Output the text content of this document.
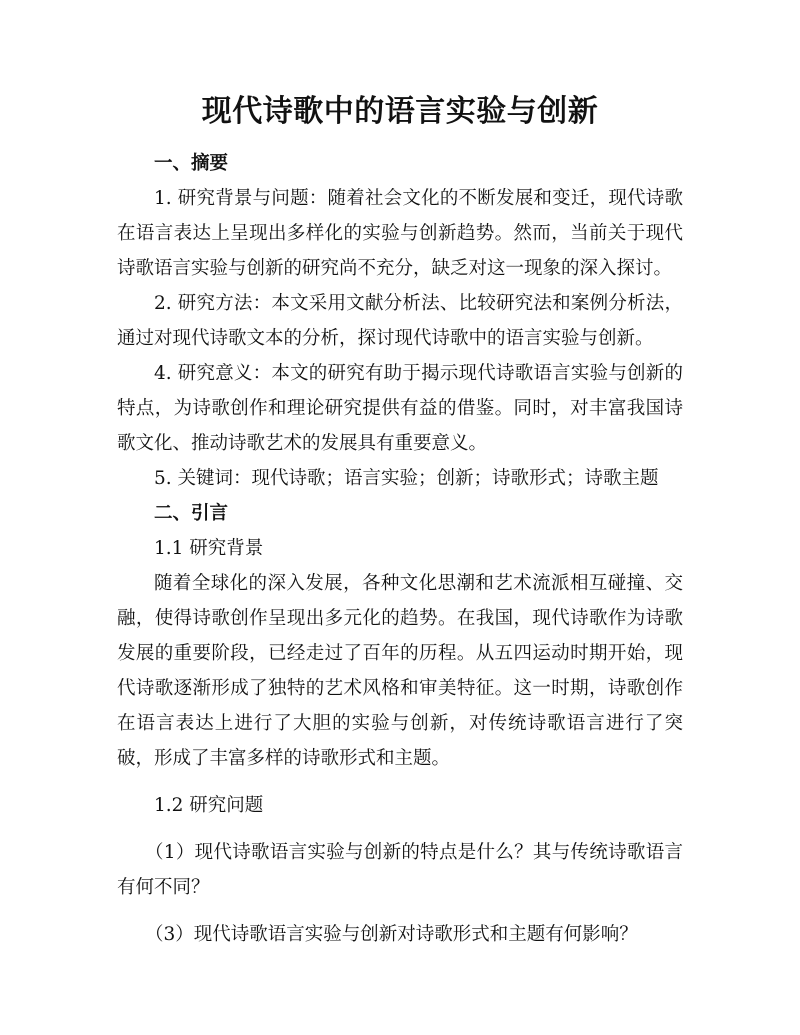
现代诗歌中的语言实验与创新

一、摘要

1. 研究背景与问题：随着社会文化的不断发展和变迁，现代诗歌在语言表达上呈现出多样化的实验与创新趋势。然而，当前关于现代诗歌语言实验与创新的研究尚不充分，缺乏对这一现象的深入探讨。

2. 研究方法：本文采用文献分析法、比较研究法和案例分析法，通过对现代诗歌文本的分析，探讨现代诗歌中的语言实验与创新。

4. 研究意义：本文的研究有助于揭示现代诗歌语言实验与创新的特点，为诗歌创作和理论研究提供有益的借鉴。同时，对丰富我国诗歌文化、推动诗歌艺术的发展具有重要意义。

5. 关键词：现代诗歌；语言实验；创新；诗歌形式；诗歌主题

二、引言

1.1 研究背景

随着全球化的深入发展，各种文化思潮和艺术流派相互碰撞、交融，使得诗歌创作呈现出多元化的趋势。在我国，现代诗歌作为诗歌发展的重要阶段，已经走过了百年的历程。从五四运动时期开始，现代诗歌逐渐形成了独特的艺术风格和审美特征。这一时期，诗歌创作在语言表达上进行了大胆的实验与创新，对传统诗歌语言进行了突破，形成了丰富多样的诗歌形式和主题。

1.2 研究问题

（1）现代诗歌语言实验与创新的特点是什么？其与传统诗歌语言有何不同？

（3）现代诗歌语言实验与创新对诗歌形式和主题有何影响？
